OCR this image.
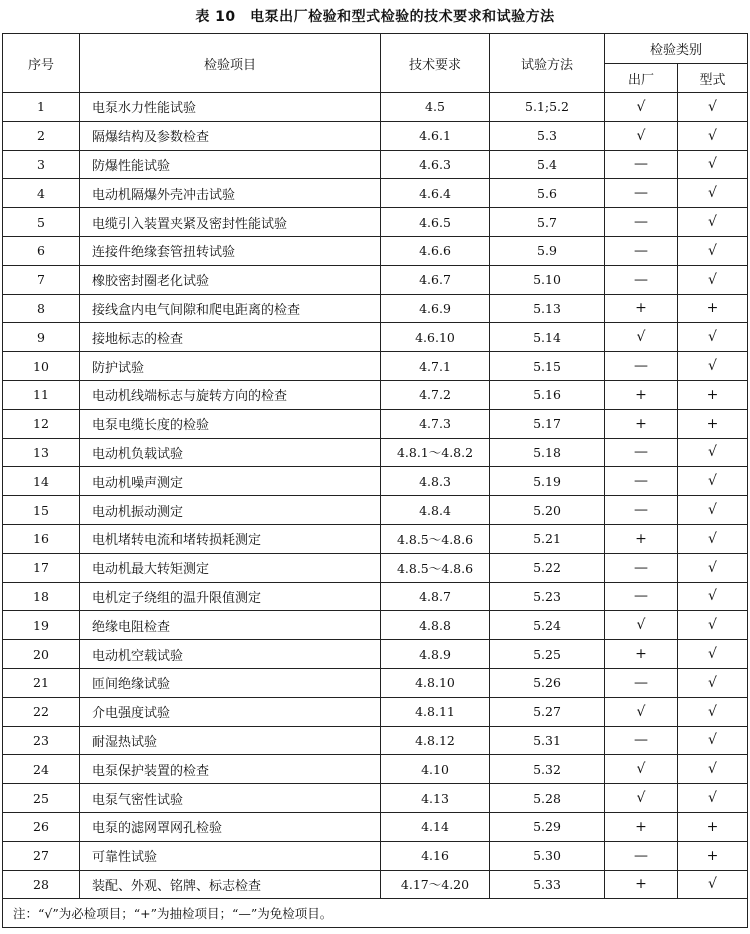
表 10　电泵出厂检验和型式检验的技术要求和试验方法
序号	检验项目	技术要求	试验方法	检验类别	
				出厂	型式
1	电泵水力性能试验	4.5	5.1;5.2	√	√
2	隔爆结构及参数检查	4.6.1	5.3	√	√
3	防爆性能试验	4.6.3	5.4	—	√
4	电动机隔爆外壳冲击试验	4.6.4	5.6	—	√
5	电缆引入装置夹紧及密封性能试验	4.6.5	5.7	—	√
6	连接件绝缘套管扭转试验	4.6.6	5.9	—	√
7	橡胶密封圈老化试验	4.6.7	5.10	—	√
8	接线盒内电气间隙和爬电距离的检查	4.6.9	5.13	+	+
9	接地标志的检查	4.6.10	5.14	√	√
10	防护试验	4.7.1	5.15	—	√
11	电动机线端标志与旋转方向的检查	4.7.2	5.16	+	+
12	电泵电缆长度的检验	4.7.3	5.17	+	+
13	电动机负载试验	4.8.1～4.8.2	5.18	—	√
14	电动机噪声测定	4.8.3	5.19	—	√
15	电动机振动测定	4.8.4	5.20	—	√
16	电机堵转电流和堵转损耗测定	4.8.5～4.8.6	5.21	+	√
17	电动机最大转矩测定	4.8.5～4.8.6	5.22	—	√
18	电机定子绕组的温升限值测定	4.8.7	5.23	—	√
19	绝缘电阻检查	4.8.8	5.24	√	√
20	电动机空载试验	4.8.9	5.25	+	√
21	匝间绝缘试验	4.8.10	5.26	—	√
22	介电强度试验	4.8.11	5.27	√	√
23	耐湿热试验	4.8.12	5.31	—	√
24	电泵保护装置的检查	4.10	5.32	√	√
25	电泵气密性试验	4.13	5.28	√	√
26	电泵的滤网罩网孔检验	4.14	5.29	+	+
27	可靠性试验	4.16	5.30	—	+
28	装配、外观、铭牌、标志检查	4.17～4.20	5.33	+	√
注：“√”为必检项目；“+”为抽检项目；“—”为免检项目。					
